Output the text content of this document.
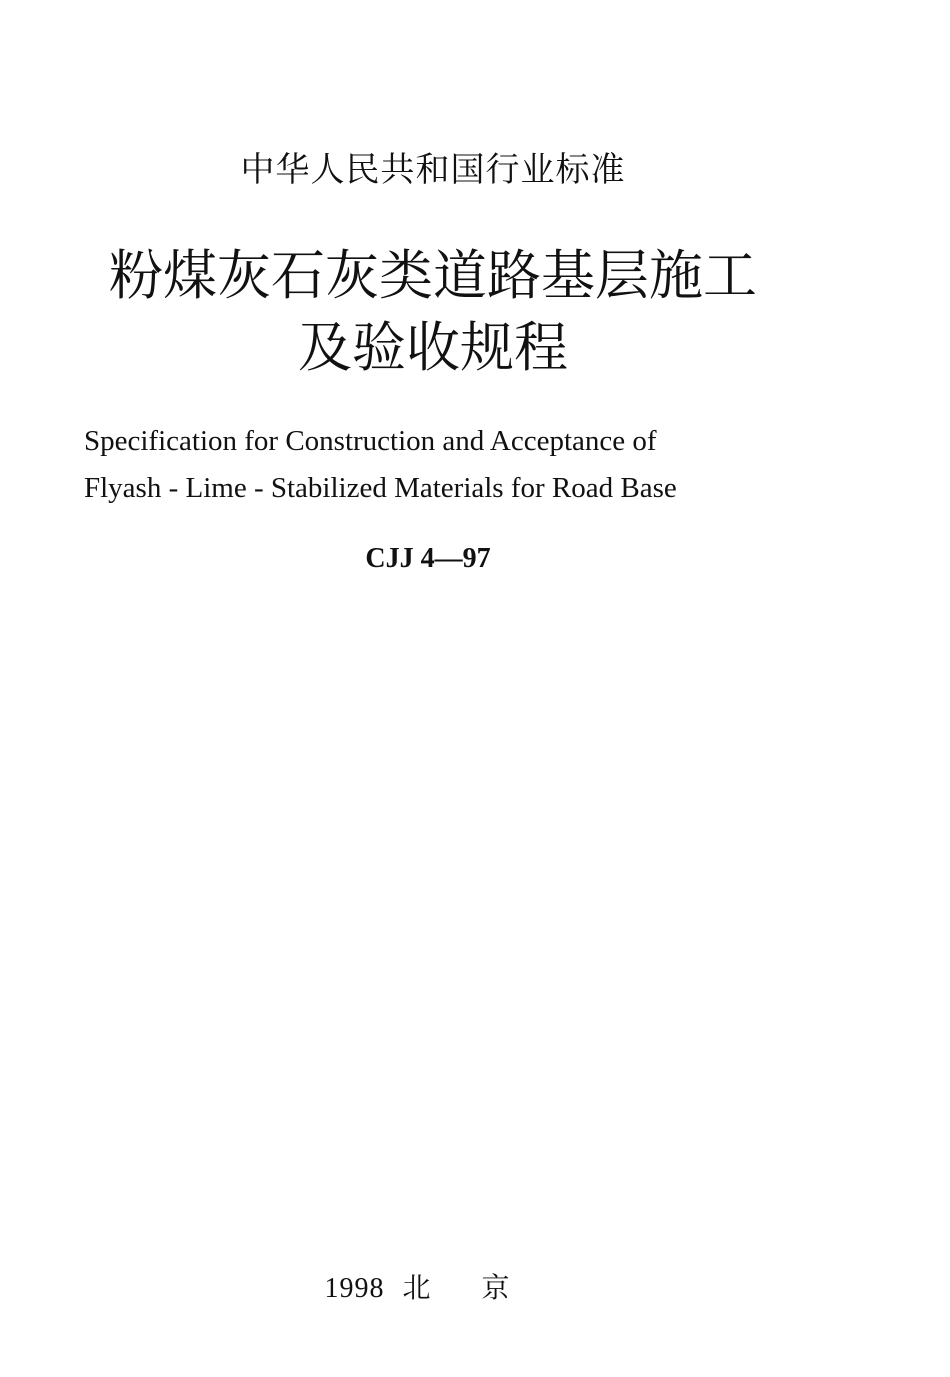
中华人民共和国行业标准
粉煤灰石灰类道路基层施工
及验收规程
Specification for Construction and Acceptance of
Flyash - Lime - Stabilized Materials for Road Base
CJJ 4—97
1998 北 京
